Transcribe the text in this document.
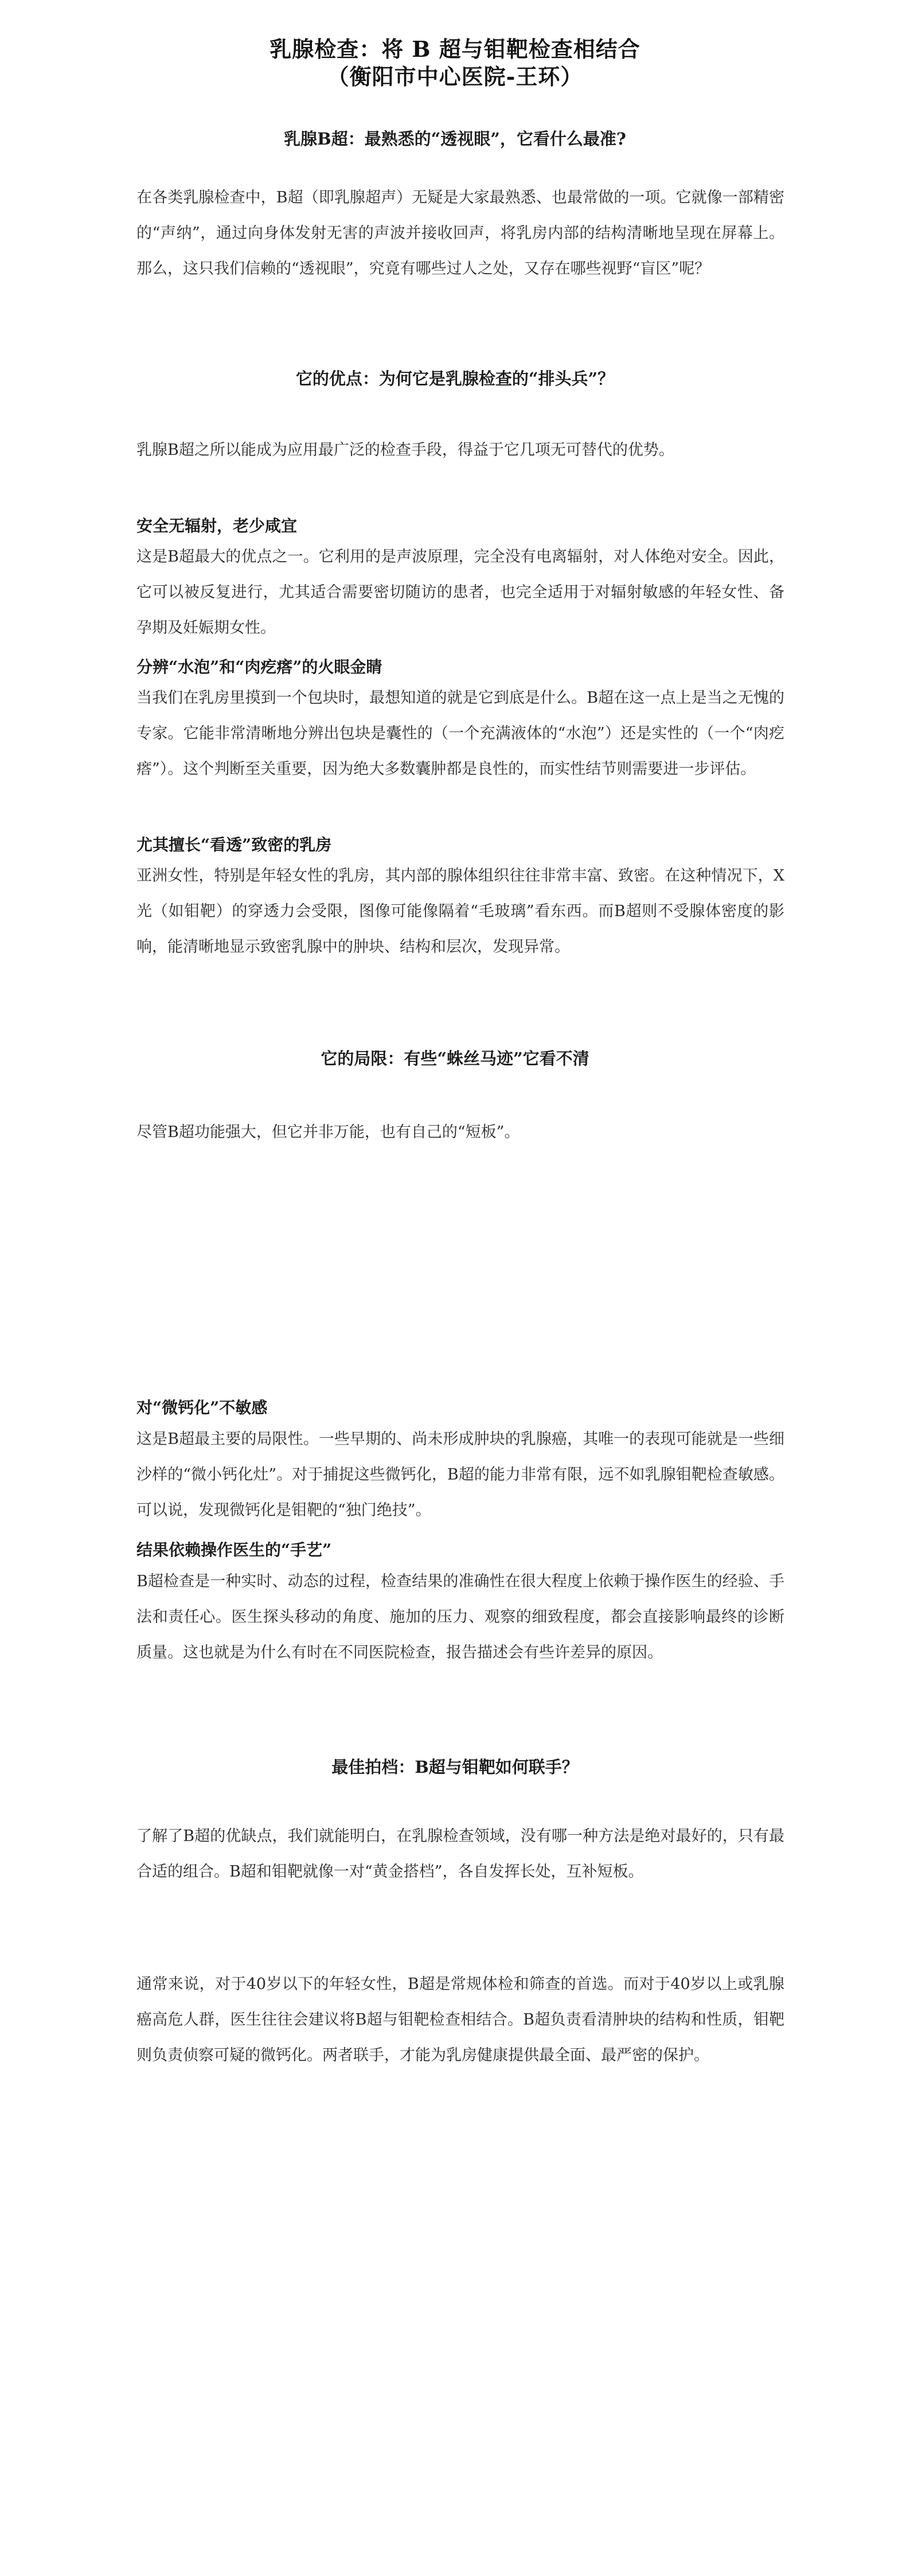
乳腺检查：将 B 超与钼靶检查相结合
（衡阳市中心医院-王环）
乳腺B超：最熟悉的“透视眼”，它看什么最准?
在各类乳腺检查中，B超（即乳腺超声）无疑是大家最熟悉、也最常做的一项。它就像一部精密的“声纳”，通过向身体发射无害的声波并接收回声，将乳房内部的结构清晰地呈现在屏幕上。那么，这只我们信赖的“透视眼”，究竟有哪些过人之处，又存在哪些视野“盲区”呢？
它的优点：为何它是乳腺检查的“排头兵”？
乳腺B超之所以能成为应用最广泛的检查手段，得益于它几项无可替代的优势。
安全无辐射，老少咸宜
这是B超最大的优点之一。它利用的是声波原理，完全没有电离辐射，对人体绝对安全。因此，它可以被反复进行，尤其适合需要密切随访的患者，也完全适用于对辐射敏感的年轻女性、备孕期及妊娠期女性。
分辨“水泡”和“肉疙瘩”的火眼金睛
当我们在乳房里摸到一个包块时，最想知道的就是它到底是什么。B超在这一点上是当之无愧的专家。它能非常清晰地分辨出包块是囊性的（一个充满液体的“水泡”）还是实性的（一个“肉疙瘩”）。这个判断至关重要，因为绝大多数囊肿都是良性的，而实性结节则需要进一步评估。
尤其擅长“看透”致密的乳房
亚洲女性，特别是年轻女性的乳房，其内部的腺体组织往往非常丰富、致密。在这种情况下，X光（如钼靶）的穿透力会受限，图像可能像隔着“毛玻璃”看东西。而B超则不受腺体密度的影响，能清晰地显示致密乳腺中的肿块、结构和层次，发现异常。
它的局限：有些“蛛丝马迹”它看不清
尽管B超功能强大，但它并非万能，也有自己的“短板”。
对“微钙化”不敏感
这是B超最主要的局限性。一些早期的、尚未形成肿块的乳腺癌，其唯一的表现可能就是一些细沙样的“微小钙化灶”。对于捕捉这些微钙化，B超的能力非常有限，远不如乳腺钼靶检查敏感。可以说，发现微钙化是钼靶的“独门绝技”。
结果依赖操作医生的“手艺”
B超检查是一种实时、动态的过程，检查结果的准确性在很大程度上依赖于操作医生的经验、手法和责任心。医生探头移动的角度、施加的压力、观察的细致程度，都会直接影响最终的诊断质量。这也就是为什么有时在不同医院检查，报告描述会有些许差异的原因。
最佳拍档：B超与钼靶如何联手？
了解了B超的优缺点，我们就能明白，在乳腺检查领域，没有哪一种方法是绝对最好的，只有最合适的组合。B超和钼靶就像一对“黄金搭档”，各自发挥长处，互补短板。
通常来说，对于40岁以下的年轻女性，B超是常规体检和筛查的首选。而对于40岁以上或乳腺癌高危人群，医生往往会建议将B超与钼靶检查相结合。B超负责看清肿块的结构和性质，钼靶则负责侦察可疑的微钙化。两者联手，才能为乳房健康提供最全面、最严密的保护。
